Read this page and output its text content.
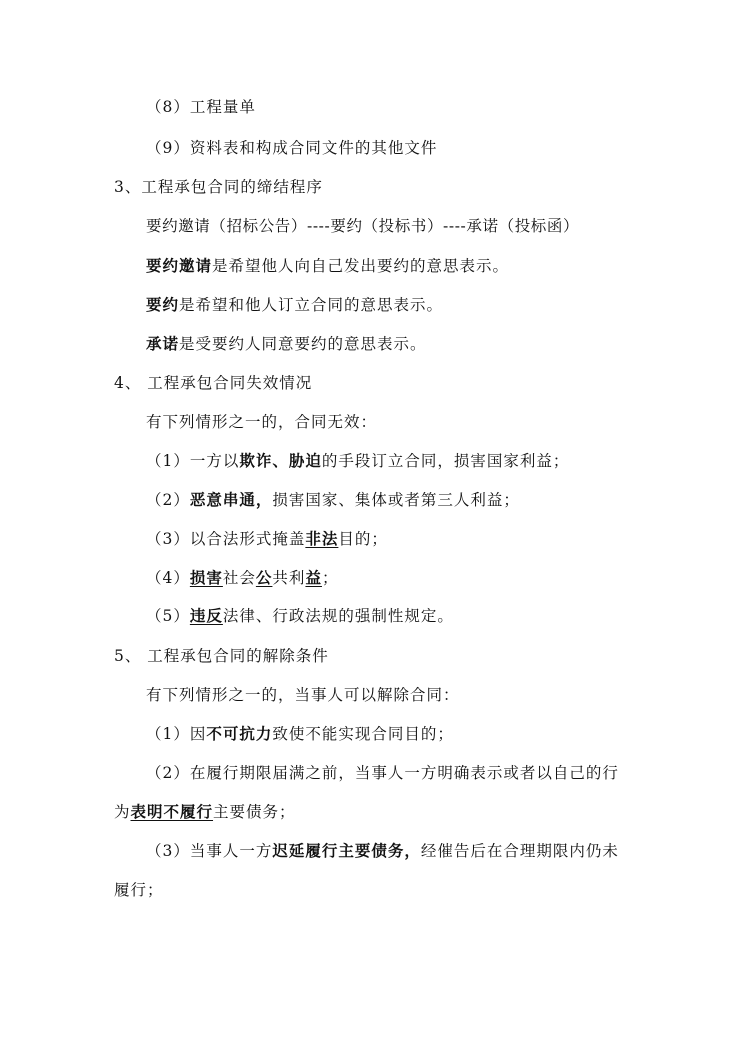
（8）工程量单
（9）资料表和构成合同文件的其他文件
3、工程承包合同的缔结程序
要约邀请（招标公告）----要约（投标书）----承诺（投标函）
要约邀请是希望他人向自己发出要约的意思表示。
要约是希望和他人订立合同的意思表示。
承诺是受要约人同意要约的意思表示。
4、 工程承包合同失效情况
有下列情形之一的，合同无效：
（1）一方以欺诈、胁迫的手段订立合同，损害国家利益；
（2）恶意串通，损害国家、集体或者第三人利益；
（3）以合法形式掩盖非法目的；
（4）损害社会公共利益；
（5）违反法律、行政法规的强制性规定。
5、 工程承包合同的解除条件
有下列情形之一的，当事人可以解除合同：
（1）因不可抗力致使不能实现合同目的；
（2）在履行期限届满之前，当事人一方明确表示或者以自己的行
为表明不履行主要债务；
（3）当事人一方迟延履行主要债务，经催告后在合理期限内仍未
履行；
